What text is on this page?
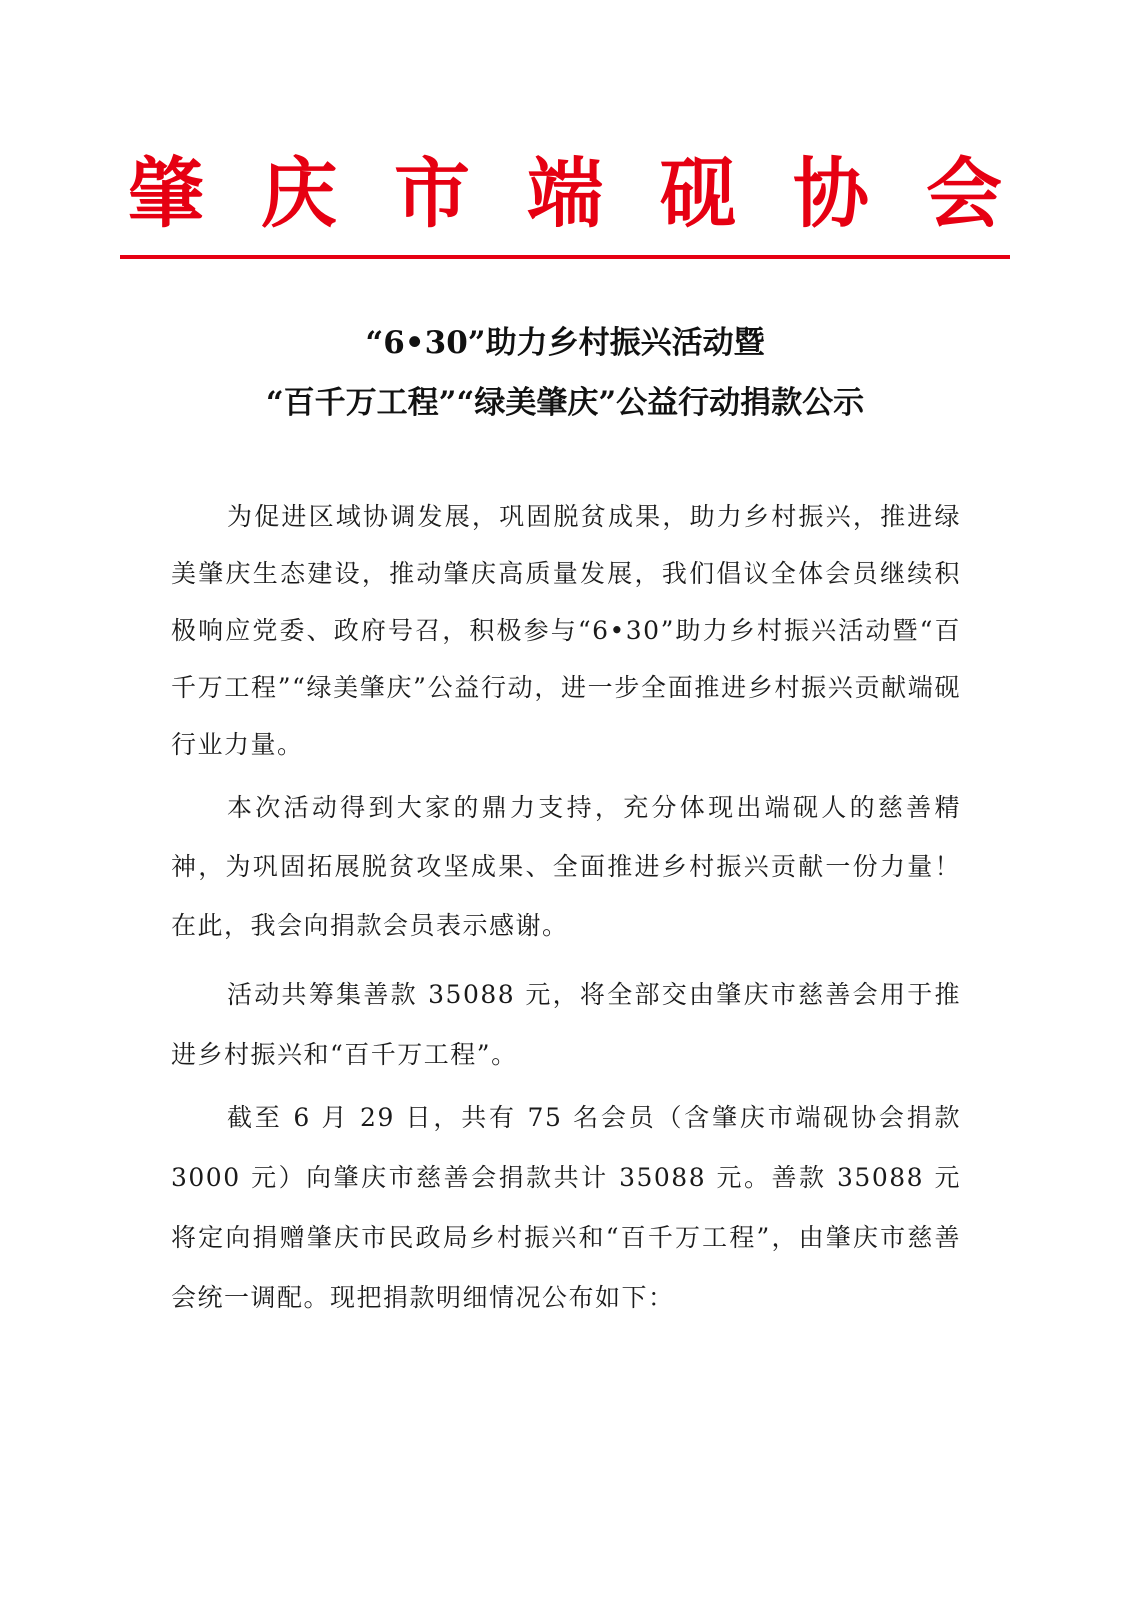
肇 庆 市 端 砚 协 会
“6•30”助力乡村振兴活动暨
“百千万工程”“绿美肇庆”公益行动捐款公示

为促进区域协调发展，巩固脱贫成果，助力乡村振兴，推进绿美肇庆生态建设，推动肇庆高质量发展，我们倡议全体会员继续积极响应党委、政府号召，积极参与“6•30”助力乡村振兴活动暨“百千万工程”“绿美肇庆”公益行动，进一步全面推进乡村振兴贡献端砚行业力量。

本次活动得到大家的鼎力支持，充分体现出端砚人的慈善精神，为巩固拓展脱贫攻坚成果、全面推进乡村振兴贡献一份力量！在此，我会向捐款会员表示感谢。

活动共筹集善款 35088 元，将全部交由肇庆市慈善会用于推进乡村振兴和“百千万工程”。

截至 6 月 29 日，共有 75 名会员（含肇庆市端砚协会捐款 3000 元）向肇庆市慈善会捐款共计 35088 元。善款 35088 元将定向捐赠肇庆市民政局乡村振兴和“百千万工程”，由肇庆市慈善会统一调配。现把捐款明细情况公布如下：
